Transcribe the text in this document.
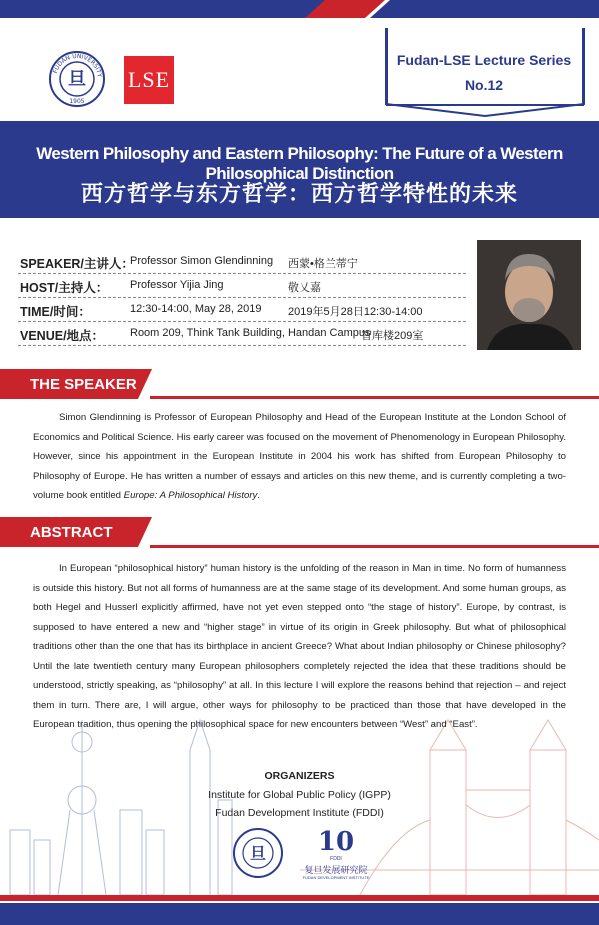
Fudan-LSE Lecture Series
No.12
旦
FUDAN UNIVERSITY
1905
LSE
Western Philosophy and Eastern Philosophy: The Future of a Western Philosophical Distinction
西方哲学与东方哲学：西方哲学特性的未来
SPEAKER/主讲人：
Professor Simon Glendinning 西蒙•格兰蒂宁
HOST/主持人： Professor Yijia Jing	敬乂嘉
TIME/时间：	12:30-14:00, May 28, 2019 2019年5月28日12:30-14:00
VENUE/地点： Room 209, Think Tank Building, Handan Campus
智库楼209室
THE SPEAKER

Simon Glendinning is Professor of European Philosophy and Head of the European Institute at the London School of Economics and Political Science. His early career was focused on the movement of Phenomenology in European Philosophy. However, since his appointment in the European Institute in 2004 his work has shifted from European Philosophy to Philosophy of Europe. He has written a number of essays and articles on this new theme, and is currently completing a two-volume book entitled Europe: A Philosophical History.

ABSTRACT

In European “philosophical history” human history is the unfolding of the reason in Man in time. No form of humanness is outside this history. But not all forms of humanness are at the same stage of its development. And some human groups, as both Hegel and Husserl explicitly affirmed, have not yet even stepped onto “the stage of history”. Europe, by contrast, is supposed to have entered a new and “higher stage” in virtue of its origin in Greek philosophy. But what of philosophical traditions other than the one that has its birthplace in ancient Greece? What about Indian philosophy or Chinese philosophy? Until the late twentieth century many European philosophers completely rejected the idea that these traditions should be understood, strictly speaking, as “philosophy” at all. In this lecture I will explore the reasons behind that rejection – and reject them in turn. There are, I will argue, other ways for philosophy to be practiced than those that have developed in the European tradition, thus opening the philosophical space for new encounters between “West” and “East”.

ORGANIZERS
Institute for Global Public Policy (IGPP)
Fudan Development Institute (FDDI)
旦 10
FDDI
复旦发展研究院
FUDAN DEVELOPMENT INSTITUTE
